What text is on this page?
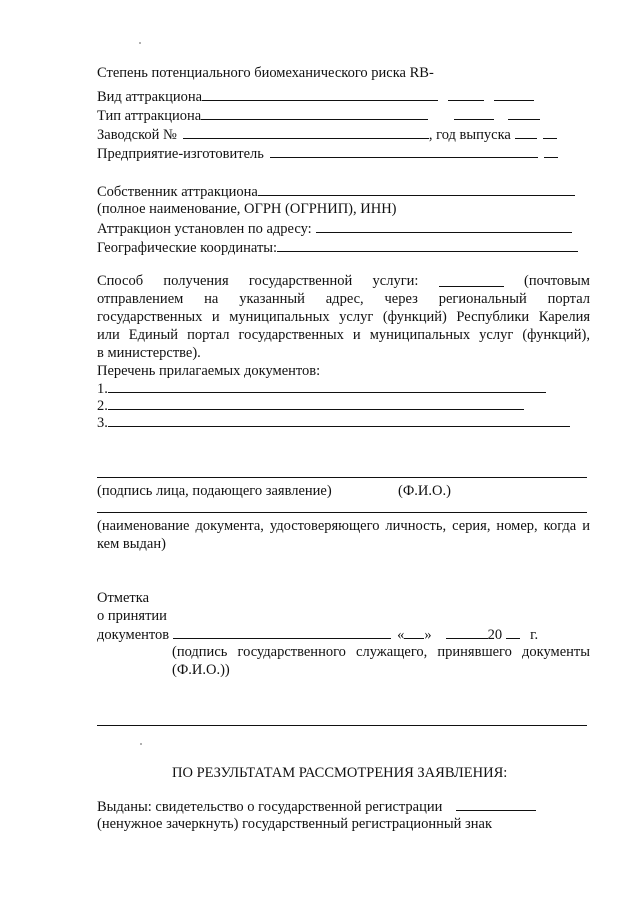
Степень потенциального биомеханического риска RB-
Вид аттракциона
Тип аттракциона
Заводской №	, год выпуска
Предприятие-изготовитель
Собственник аттракциона
(полное наименование, ОГРН (ОГРНИП), ИНН)
Аттракцион установлен по адресу:
Географические координаты:
Способ получения государственной услуги:	(почтовым
отправлением на указанный адрес, через региональный портал
государственных и муниципальных услуг (функций) Республики Карелия
или Единый портал государственных и муниципальных услуг (функций),
в министерстве).
Перечень прилагаемых документов:
1.
2.
3.
(подпись лица, подающего заявление)	(Ф.И.О.)
(наименование документа, удостоверяющего личность, серия, номер, когда и
кем выдан)
Отметка
о принятии
документов	« »	20 г.
(подпись государственного служащего, принявшего документы
(Ф.И.О.))
ПО РЕЗУЛЬТАТАМ РАССМОТРЕНИЯ ЗАЯВЛЕНИЯ:
Выданы: свидетельство о государственной регистрации
(ненужное зачеркнуть) государственный регистрационный знак
